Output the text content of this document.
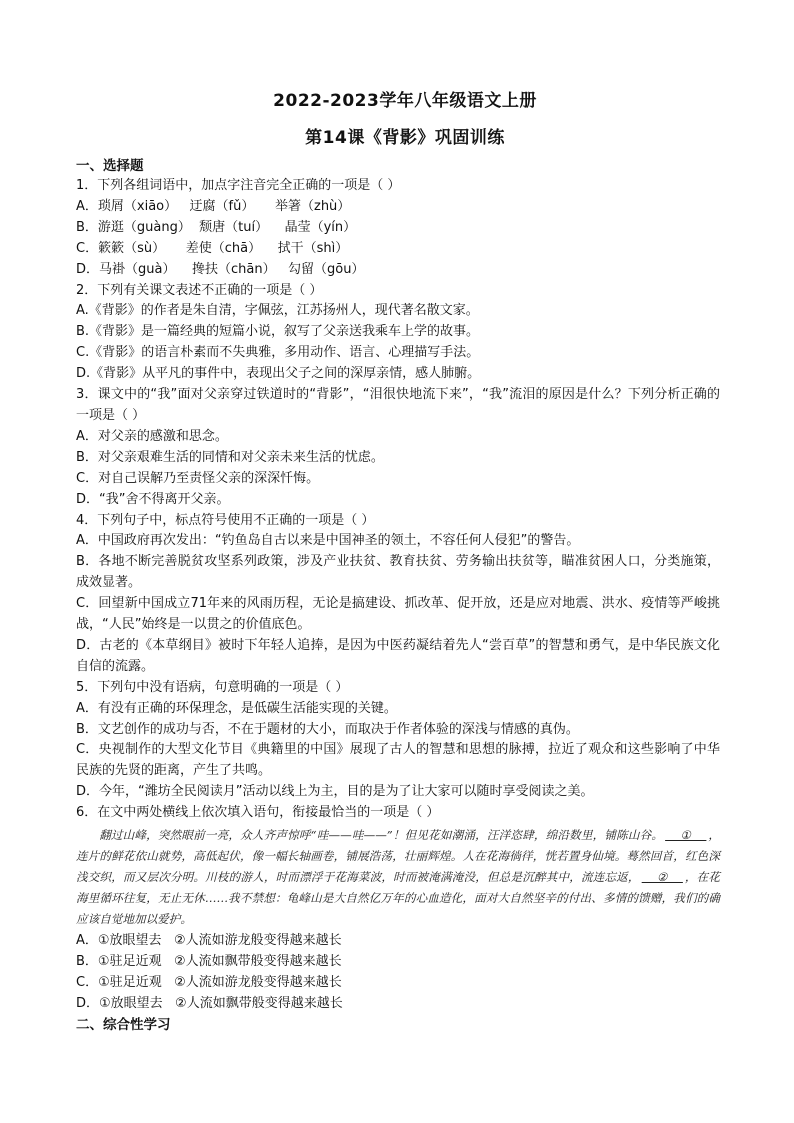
2022-2023学年八年级语文上册
第14课《背影》巩固训练
一、选择题
1．下列各组词语中，加点字注音完全正确的一项是（ ）
A．琐屑（xiāo）   迂腐（fǔ）     举箸（zhù）
B．游逛（guàng）  颓唐（tuí）    晶莹（yín）
C．簌簌（sù）     差使（chā）    拭干（shì）
D．马褂（guà）    搀扶（chān）   勾留（gōu）
2．下列有关课文表述不正确的一项是（ ）
A.《背影》的作者是朱自清，字佩弦，江苏扬州人，现代著名散文家。
B.《背影》是一篇经典的短篇小说，叙写了父亲送我乘车上学的故事。
C.《背影》的语言朴素而不失典雅，多用动作、语言、心理描写手法。
D.《背影》从平凡的事件中，表现出父子之间的深厚亲情，感人肺腑。
3．课文中的“我”面对父亲穿过铁道时的“背影”，“泪很快地流下来”，“我”流泪的原因是什么？下列分析正确的一项是（ ）
A．对父亲的感激和思念。
B．对父亲艰难生活的同情和对父亲未来生活的忧虑。
C．对自己误解乃至责怪父亲的深深忏悔。
D．“我”舍不得离开父亲。
4．下列句子中，标点符号使用不正确的一项是（ ）
A．中国政府再次发出：“钓鱼岛自古以来是中国神圣的领土，不容任何人侵犯”的警告。
B．各地不断完善脱贫攻坚系列政策，涉及产业扶贫、教育扶贫、劳务输出扶贫等，瞄准贫困人口，分类施策，成效显著。
C．回望新中国成立71年来的风雨历程，无论是搞建设、抓改革、促开放，还是应对地震、洪水、疫情等严峻挑战，“人民”始终是一以贯之的价值底色。
D．古老的《本草纲目》被时下年轻人追捧，是因为中医药凝结着先人“尝百草”的智慧和勇气，是中华民族文化自信的流露。
5．下列句中没有语病，句意明确的一项是（ ）
A．有没有正确的环保理念，是低碳生活能实现的关键。
B．文艺创作的成功与否，不在于题材的大小，而取决于作者体验的深浅与情感的真伪。
C．央视制作的大型文化节目《典籍里的中国》展现了古人的智慧和思想的脉搏，拉近了观众和这些影响了中华民族的先贤的距离，产生了共鸣。
D．今年，“潍坊全民阅读月”活动以线上为主，目的是为了让大家可以随时享受阅读之美。
6．在文中两处横线上依次填入语句，衔接最恰当的一项是（ ）
翻过山峰，突然眼前一亮，众人齐声惊呼“哇——哇——”！但见花如潮涌，汪洋恣肆，绵沿数里，铺陈山谷。    ①    ，连片的鲜花依山就势，高低起伏，像一幅长轴画卷，铺展浩荡，壮丽辉煌。人在花海徜徉，恍若置身仙境。蓦然回首，红色深浅交织，而又层次分明。川枝的游人，时而漂浮于花海菜波，时而被淹满淹没，但总是沉醉其中，流连忘返，    ②    ，在花海里循环往复，无止无休……我不禁想：龟峰山是大自然亿万年的心血造化，面对大自然坚辛的付出、多情的馈赠，我们的确应该自觉地加以爱护。
A．①放眼望去   ②人流如游龙般变得越来越长
B．①驻足近观   ②人流如飘带般变得越来越长
C．①驻足近观   ②人流如游龙般变得越来越长
D．①放眼望去   ②人流如飘带般变得越来越长
二、综合性学习
